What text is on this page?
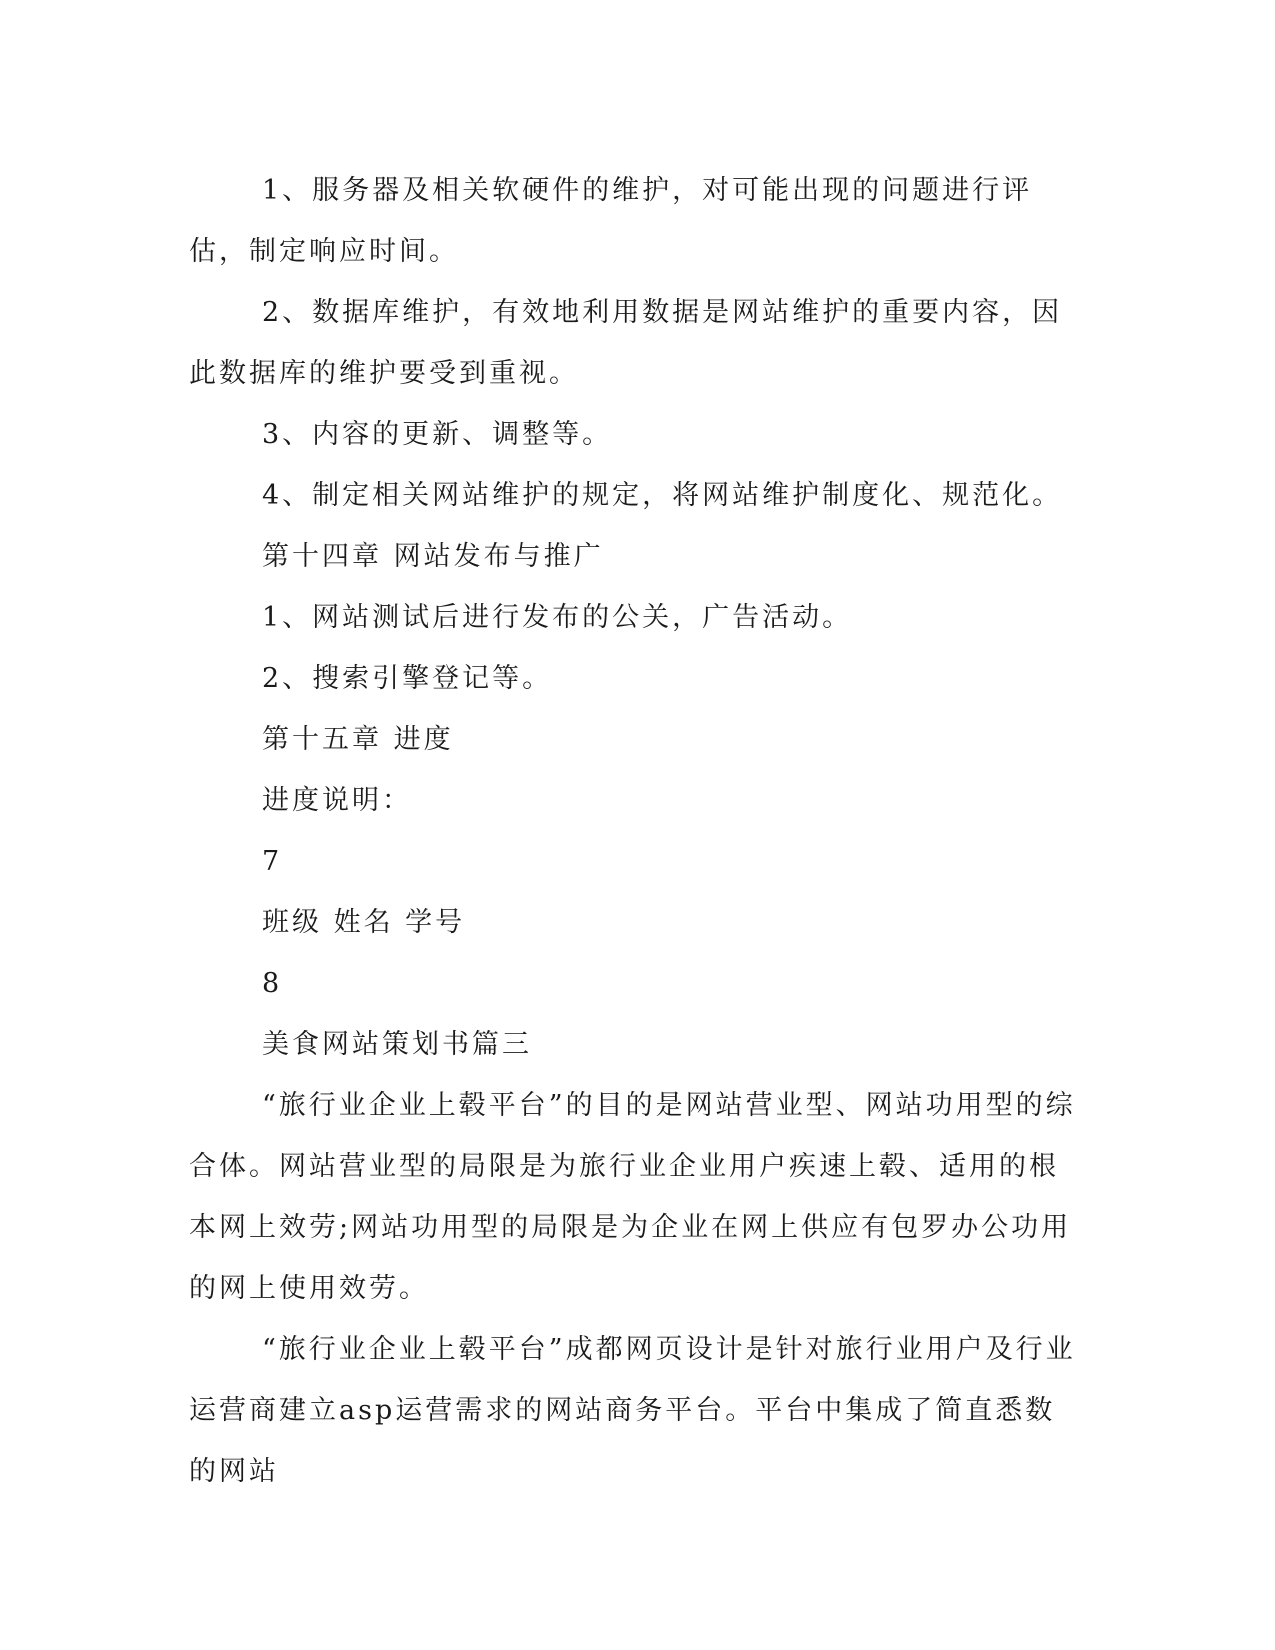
1、服务器及相关软硬件的维护，对可能出现的问题进行评估，制定响应时间。

2、数据库维护，有效地利用数据是网站维护的重要内容，因此数据库的维护要受到重视。

3、内容的更新、调整等。

4、制定相关网站维护的规定，将网站维护制度化、规范化。

第十四章 网站发布与推广

1、网站测试后进行发布的公关，广告活动。

2、搜索引擎登记等。

第十五章 进度

进度说明：

7

班级 姓名 学号

8

美食网站策划书篇三

“旅行业企业上毂平台”的目的是网站营业型、网站功用型的综合体。网站营业型的局限是为旅行业企业用户疾速上毂、适用的根本网上效劳;网站功用型的局限是为企业在网上供应有包罗办公功用的网上使用效劳。

“旅行业企业上毂平台”成都网页设计是针对旅行业用户及行业运营商建立asp运营需求的网站商务平台。平台中集成了简直悉数的网站
